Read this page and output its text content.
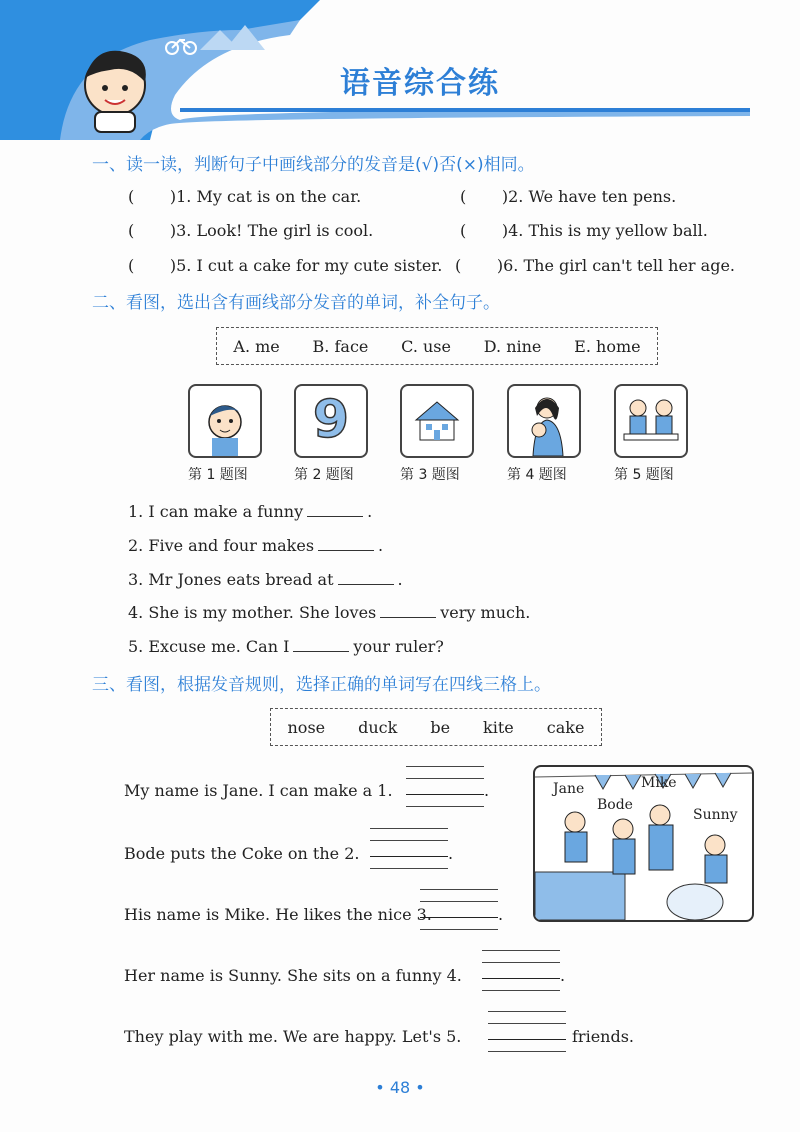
语音综合练
一、读一读，判断句子中画线部分的发音是(√)否(×)相同。
( )1. My cat is on the car.	( )2. We have ten pens.
( )3. Look! The girl is cool.	( )4. This is my yellow ball.
( )5. I cut a cake for my cute sister. ( )6. The girl can't tell her age.
二、看图，选出含有画线部分发音的单词，补全句子。
A. me B. face C. use D. nine E. home
9
第 1 题图	第 2 题图	第 3 题图	第 4 题图	第 5 题图
1. I can make a funny	.
2. Five and four makes	.
3. Mr Jones eats bread at	.
4. She is my mother. She loves	very much.
5. Excuse me. Can I	your ruler?
三、看图，根据发音规则，选择正确的单词写在四线三格上。
nose duck be kite cake
My name is Jane. I can make a 1.	.
Bode puts the Coke on the 2.	.
His name is Mike. He likes the nice 3.	.
Her name is Sunny. She sits on a funny 4.	.
They play with me. We are happy. Let's 5.	friends.
Jane	Mike
Bode
Sunny
• 48 •
